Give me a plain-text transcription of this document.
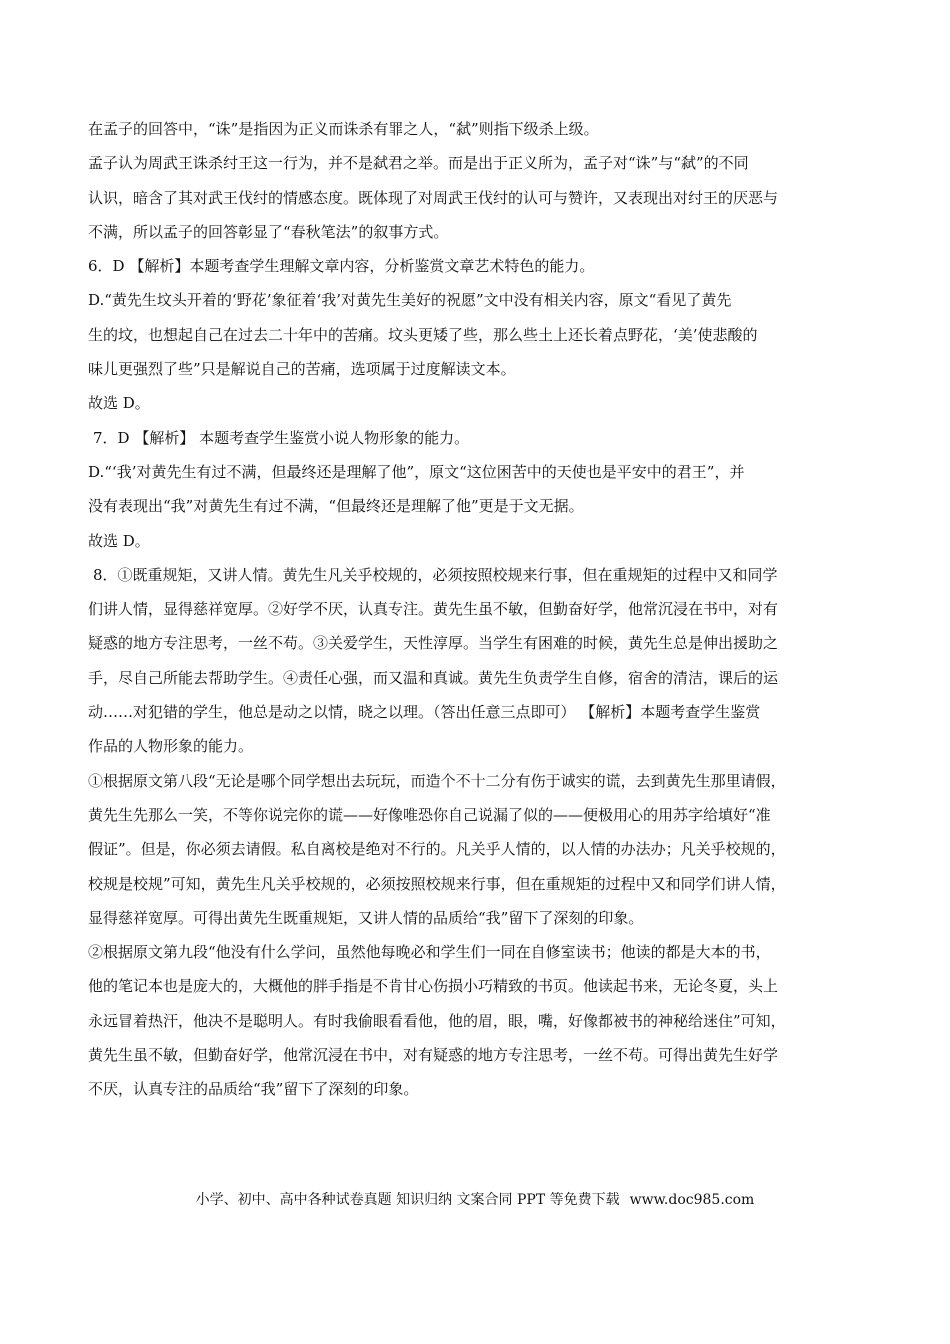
在孟子的回答中，“诛”是指因为正义而诛杀有罪之人，“弑”则指下级杀上级。
孟子认为周武王诛杀纣王这一行为，并不是弑君之举。而是出于正义所为，孟子对“诛”与“弑”的不同
认识，暗含了其对武王伐纣的情感态度。既体现了对周武王伐纣的认可与赞许，又表现出对纣王的厌恶与
不满，所以孟子的回答彰显了“春秋笔法”的叙事方式。
6．D 【解析】本题考查学生理解文章内容，分析鉴赏文章艺术特色的能力。
D.“黄先生坟头开着的‘野花’象征着‘我’对黄先生美好的祝愿”文中没有相关内容，原文“看见了黄先
生的坟，也想起自己在过去二十年中的苦痛。坟头更矮了些，那么些土上还长着点野花，‘美’使悲酸的
味儿更强烈了些”只是解说自己的苦痛，选项属于过度解读文本。
故选 D。
7．D 【解析】 本题考查学生鉴赏小说人物形象的能力。
D.“‘我’对黄先生有过不满，但最终还是理解了他”，原文“这位困苦中的天使也是平安中的君王”，并
没有表现出“我”对黄先生有过不满，“但最终还是理解了他”更是于文无据。
故选 D。
8．①既重规矩，又讲人情。黄先生凡关乎校规的，必须按照校规来行事，但在重规矩的过程中又和同学
们讲人情，显得慈祥宽厚。②好学不厌，认真专注。黄先生虽不敏，但勤奋好学，他常沉浸在书中，对有
疑惑的地方专注思考，一丝不苟。③关爱学生，天性淳厚。当学生有困难的时候，黄先生总是伸出援助之
手，尽自己所能去帮助学生。④责任心强，而又温和真诚。黄先生负责学生自修，宿舍的清洁，课后的运
动……对犯错的学生，他总是动之以情，晓之以理。（答出任意三点即可） 【解析】本题考查学生鉴赏
作品的人物形象的能力。
①根据原文第八段“无论是哪个同学想出去玩玩，而造个不十二分有伤于诚实的谎，去到黄先生那里请假，
黄先生先那么一笑，不等你说完你的谎——好像唯恐你自己说漏了似的——便极用心的用苏字给填好“准
假证”。但是，你必须去请假。私自离校是绝对不行的。凡关乎人情的，以人情的办法办；凡关乎校规的，
校规是校规”可知，黄先生凡关乎校规的，必须按照校规来行事，但在重规矩的过程中又和同学们讲人情，
显得慈祥宽厚。可得出黄先生既重规矩，又讲人情的品质给“我”留下了深刻的印象。
②根据原文第九段“他没有什么学问，虽然他每晚必和学生们一同在自修室读书；他读的都是大本的书，
他的笔记本也是庞大的，大概他的胖手指是不肯甘心伤损小巧精致的书页。他读起书来，无论冬夏，头上
永远冒着热汗，他决不是聪明人。有时我偷眼看看他，他的眉，眼，嘴，好像都被书的神秘给迷住”可知，
黄先生虽不敏，但勤奋好学，他常沉浸在书中，对有疑惑的地方专注思考，一丝不苟。可得出黄先生好学
不厌，认真专注的品质给“我”留下了深刻的印象。
小学、初中、高中各种试卷真题 知识归纳 文案合同 PPT 等免费下载 www.doc985.com
